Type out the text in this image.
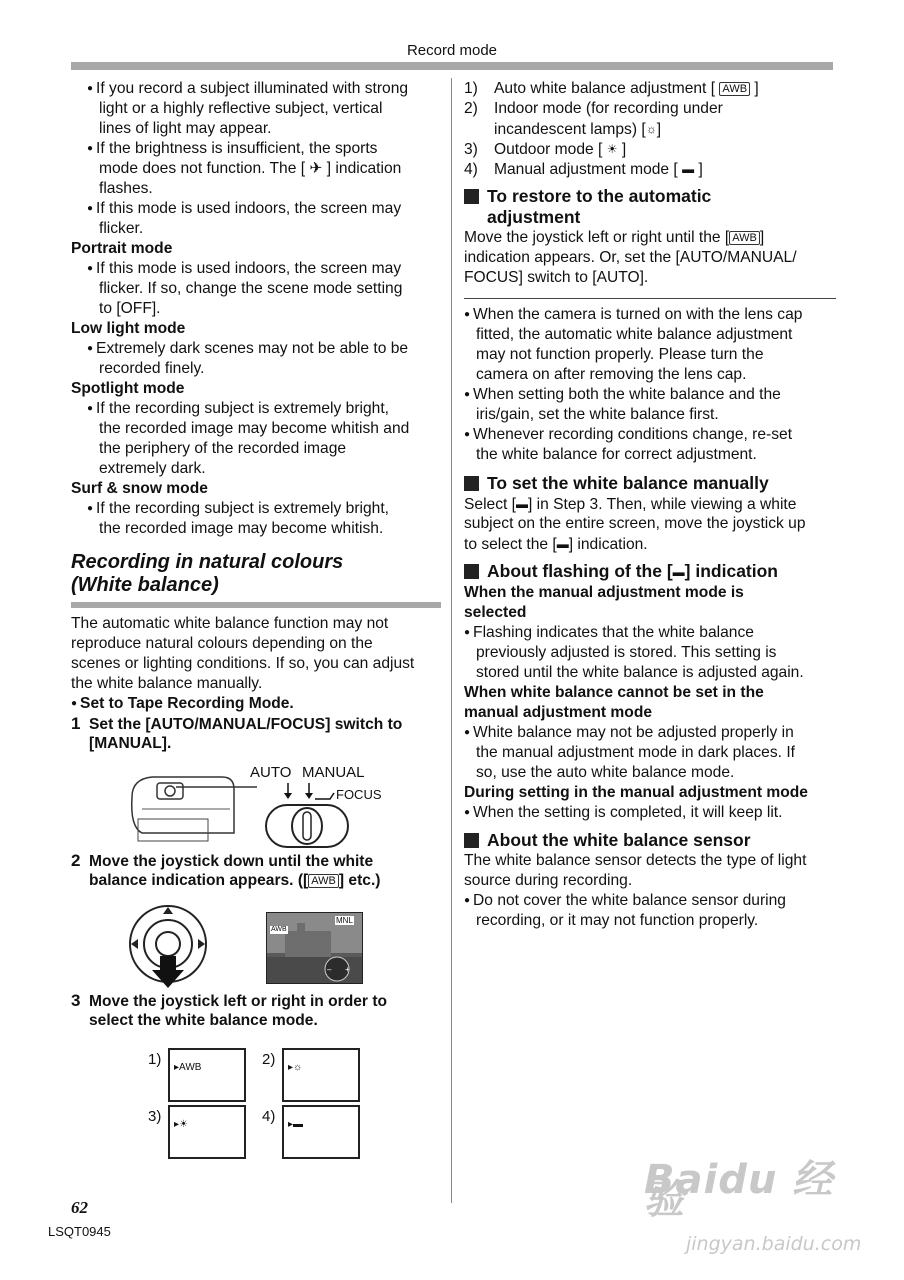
Record mode
● If you record a subject illuminated with strong
light or a highly reflective subject, vertical
lines of light may appear.
● If the brightness is insufficient, the sports
mode does not function. The [ ✈ ] indication
flashes.
● If this mode is used indoors, the screen may
flicker.
Portrait mode
● If this mode is used indoors, the screen may
flicker. If so, change the scene mode setting
to [OFF].
Low light mode
● Extremely dark scenes may not be able to be
recorded finely.
Spotlight mode
● If the recording subject is extremely bright,
the recorded image may become whitish and
the periphery of the recorded image
extremely dark.
Surf & snow mode
● If the recording subject is extremely bright,
the recorded image may become whitish.
Recording in natural colours
(White balance)
The automatic white balance function may not
reproduce natural colours depending on the
scenes or lighting conditions. If so, you can adjust
the white balance manually.
● Set to Tape Recording Mode.
1 Set the [AUTO/MANUAL/FOCUS] switch to
[MANUAL].
AUTO MANUAL
FOCUS
2 Move the joystick down until the white
balance indication appears. ([ AWB ] etc.)
– +
AWB
MNL
3 Move the joystick left or right in order to
select the white balance mode.
1) ▸AWB	2) ▸☼
3) ▸☀	4) ▸▬
1) Auto white balance adjustment [ AWB ]
2) Indoor mode (for recording under
incandescent lamps) [☼]
3) Outdoor mode [ ☀ ]
4) Manual adjustment mode [ ▬ ]
To restore to the automatic
adjustment
Move the joystick left or right until the [ AWB ]
indication appears. Or, set the [AUTO/MANUAL/
FOCUS] switch to [AUTO].
● When the camera is turned on with the lens cap
fitted, the automatic white balance adjustment
may not function properly. Please turn the
camera on after removing the lens cap.
● When setting both the white balance and the
iris/gain, set the white balance first.
● Whenever recording conditions change, re-set
the white balance for correct adjustment.
To set the white balance manually
Select [▬] in Step 3. Then, while viewing a white
subject on the entire screen, move the joystick up
to select the [▬] indication.
About flashing of the [▬] indication
When the manual adjustment mode is
selected
● Flashing indicates that the white balance
previously adjusted is stored. This setting is
stored until the white balance is adjusted again.
When white balance cannot be set in the
manual adjustment mode
● White balance may not be adjusted properly in
the manual adjustment mode in dark places. If
so, use the auto white balance mode.
During setting in the manual adjustment mode
● When the setting is completed, it will keep lit.
About the white balance sensor
The white balance sensor detects the type of light
source during recording.
● Do not cover the white balance sensor during
recording, or it may not function properly.
62
LSQT0945
Baidu 经验
jingyan.baidu.com
